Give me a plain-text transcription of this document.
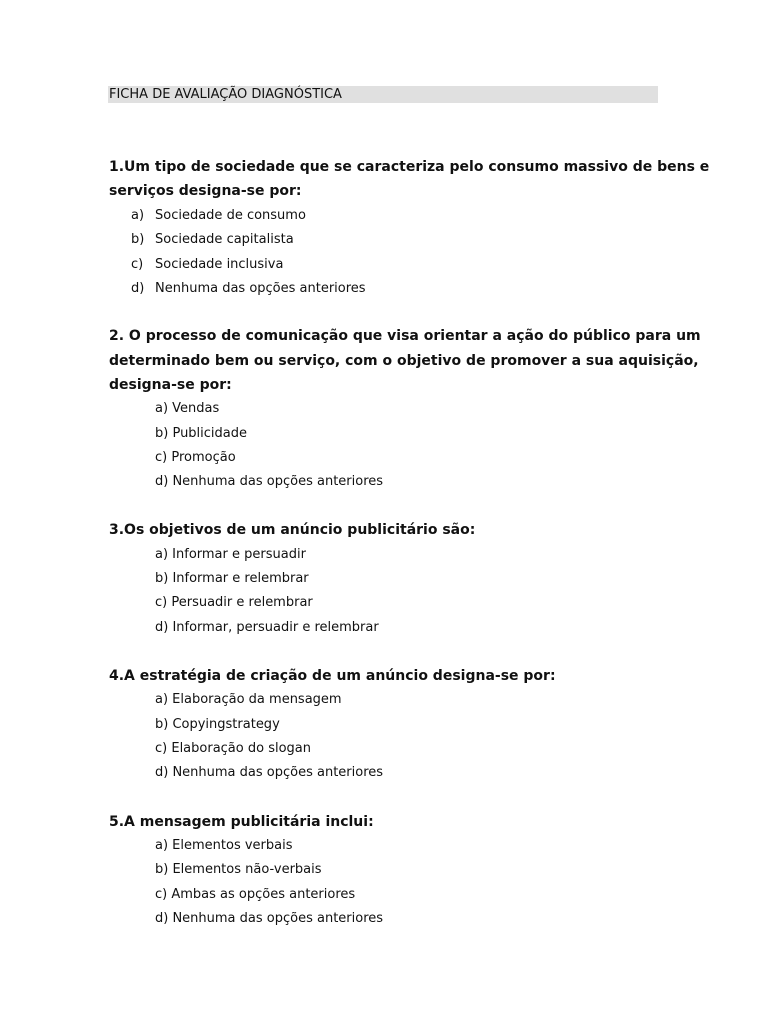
FICHA DE AVALIAÇÃO DIAGNÓSTICA
1.Um tipo de sociedade que se caracteriza pelo consumo massivo de bens e
serviços designa-se por:
a) Sociedade de consumo
b) Sociedade capitalista
c) Sociedade inclusiva
d) Nenhuma das opções anteriores
2. O processo de comunicação que visa orientar a ação do público para um
determinado bem ou serviço, com o objetivo de promover a sua aquisição,
designa-se por:
a) Vendas
b) Publicidade
c) Promoção
d) Nenhuma das opções anteriores
3.Os objetivos de um anúncio publicitário são:
a) Informar e persuadir
b) Informar e relembrar
c) Persuadir e relembrar
d) Informar, persuadir e relembrar
4.A estratégia de criação de um anúncio designa-se por:
a) Elaboração da mensagem
b) Copyingstrategy
c) Elaboração do slogan
d) Nenhuma das opções anteriores
5.A mensagem publicitária inclui:
a) Elementos verbais
b) Elementos não-verbais
c) Ambas as opções anteriores
d) Nenhuma das opções anteriores
